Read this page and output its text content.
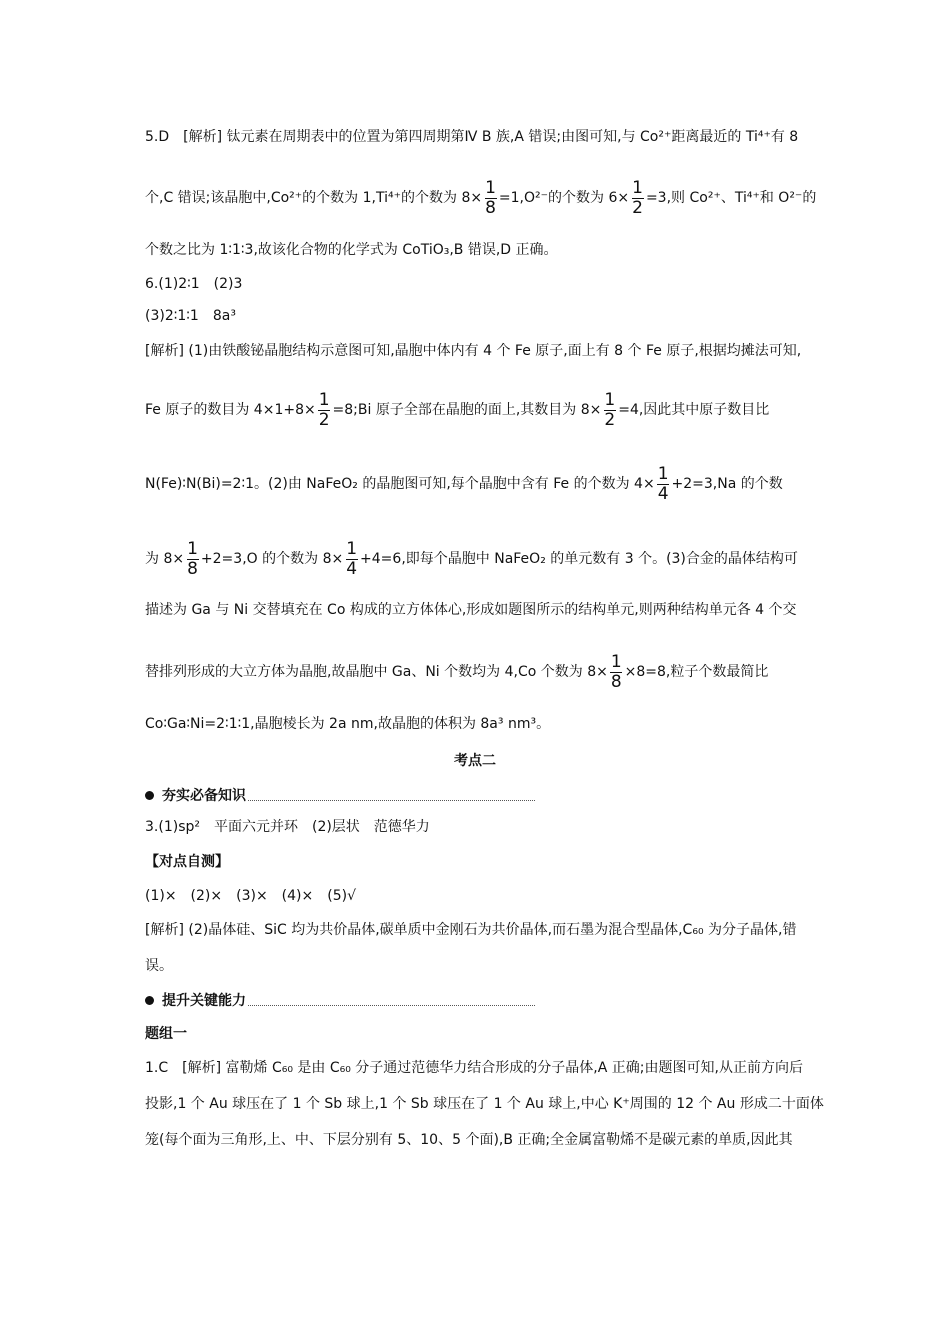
5.D　[解析] 钛元素在周期表中的位置为第四周期第Ⅳ B 族,A 错误;由图可知,与 Co²⁺距离最近的 Ti⁴⁺有 8
个,C 错误;该晶胞中,Co²⁺的个数为 1,Ti⁴⁺的个数为 $8\times \frac{1}{8} =1,O^{2-}$的个数为 $6\times \frac{1}{2} =3$,则 Co²⁺、Ti⁴⁺和 O²⁻的
个数之比为 1∶1∶3,故该化合物的化学式为 CoTiO₃,B 错误,D 正确。
6.(1)2∶1　(2)3
(3)2∶1∶1　8a³
[解析] (1)由铁酸铋晶胞结构示意图可知,晶胞中体内有 4 个 Fe 原子,面上有 8 个 Fe 原子,根据均摊法可知,
Fe 原子的数目为 $4\times 1+8\times \frac{1}{2}$ =8;Bi 原子全部在晶胞的面上,其数目为 $8\times \frac{1}{2} =4$,因此其中原子数目比
N(Fe)∶N(Bi)=2∶1。(2)由 NaFeO₂ 的晶胞图可知,每个晶胞中含有 Fe 的个数为 $4\times \frac{1}{4} +2=3,Na$ 的个数
为 $8\times \frac{1}{8} +2=3,O$ 的个数为 $8\times \frac{1}{4} +4=6$,即每个晶胞中 NaFeO₂ 的单元数有 3 个。(3)合金的晶体结构可
描述为 Ga 与 Ni 交替填充在 Co 构成的立方体体心,形成如题图所示的结构单元,则两种结构单元各 4 个交
替排列形成的大立方体为晶胞,故晶胞中 Ga、Ni 个数均为 4,Co 个数为 $8\times \frac{1}{8} \times 8=8$,粒子个数最简比
Co∶Ga∶Ni=2∶1∶1,晶胞棱长为 2a nm,故晶胞的体积为 8a³ nm³。
考点二
夯实必备知识
3.(1)sp²　平面六元并环　(2)层状　范德华力
【对点自测】
(1)×　(2)×　(3)×　(4)×　(5)√
[解析] (2)晶体硅、SiC 均为共价晶体,碳单质中金刚石为共价晶体,而石墨为混合型晶体,C₆₀ 为分子晶体,错
误。
提升关键能力
题组一
1.C　[解析] 富勒烯 C₆₀ 是由 C₆₀ 分子通过范德华力结合形成的分子晶体,A 正确;由题图可知,从正前方向后
投影,1 个 Au 球压在了 1 个 Sb 球上,1 个 Sb 球压在了 1 个 Au 球上,中心 K⁺周围的 12 个 Au 形成二十面体
笼(每个面为三角形,上、中、下层分别有 5、10、5 个面),B 正确;全金属富勒烯不是碳元素的单质,因此其
